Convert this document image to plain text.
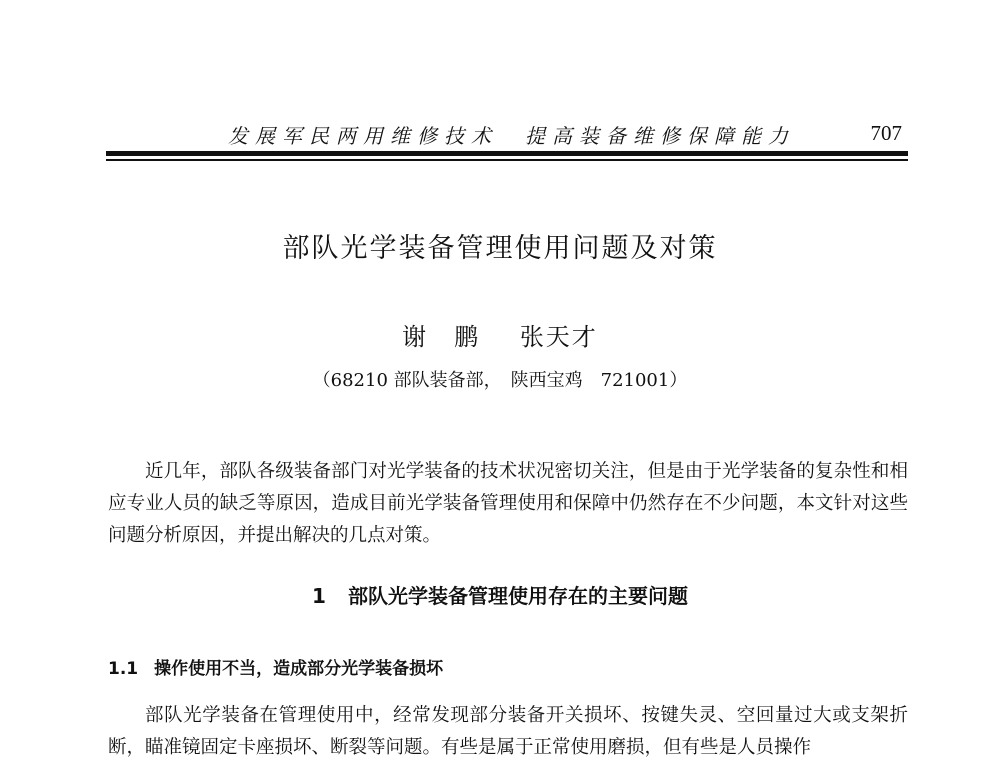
发展军民两用维修技术　提高装备维修保障能力	707
部队光学装备管理使用问题及对策
谢　鹏 张天才
（68210 部队装备部，　陕西宝鸡　721001）

近几年，部队各级装备部门对光学装备的技术状况密切关注，但是由于光学装备的复杂性和相应专业人员的缺乏等原因，造成目前光学装备管理使用和保障中仍然存在不少问题，本文针对这些问题分析原因，并提出解决的几点对策。

1 部队光学装备管理使用存在的主要问题
1.1 操作使用不当，造成部分光学装备损坏

部队光学装备在管理使用中，经常发现部分装备开关损坏、按键失灵、空回量过大或支架折断，瞄准镜固定卡座损坏、断裂等问题。有些是属于正常使用磨损，但有些是人员操作
